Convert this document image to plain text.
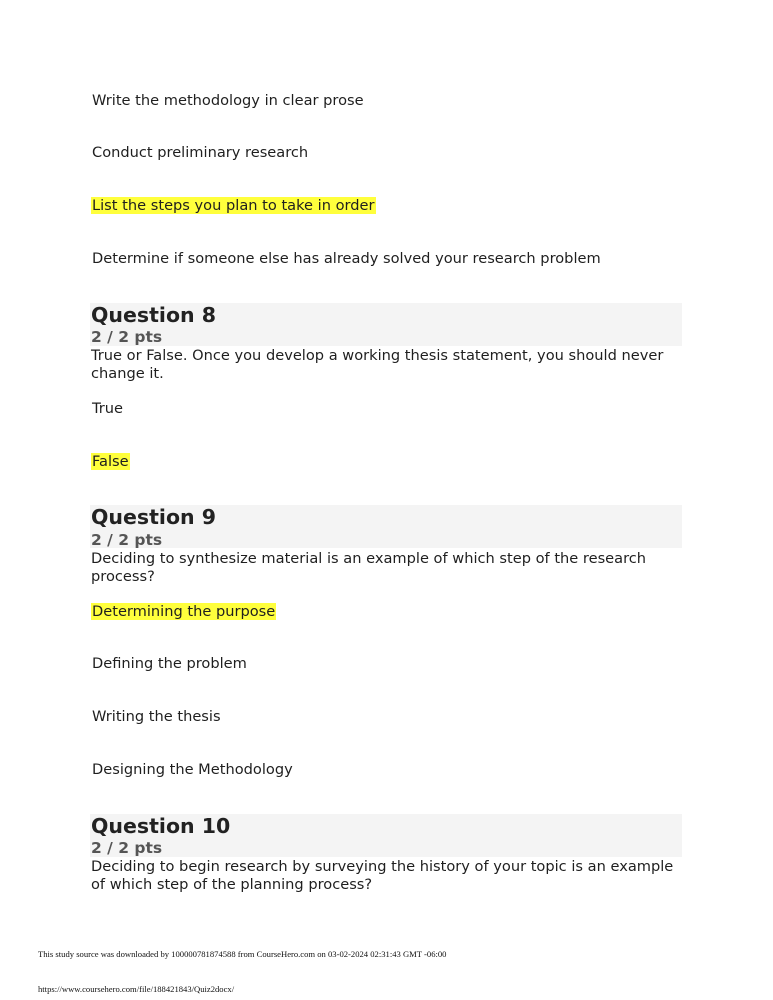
Write the methodology in clear prose
Conduct preliminary research
List the steps you plan to take in order
Determine if someone else has already solved your research problem
Question 8
2 / 2 pts
True or False. Once you develop a working thesis statement, you should never change it.
True
False
Question 9
2 / 2 pts
Deciding to synthesize material is an example of which step of the research process?
Determining the purpose
Defining the problem
Writing the thesis
Designing the Methodology
Question 10
2 / 2 pts
Deciding to begin research by surveying the history of your topic is an example of which step of the planning process?
This study source was downloaded by 100000781874588 from CourseHero.com on 03-02-2024 02:31:43 GMT -06:00
https://www.coursehero.com/file/188421843/Quiz2docx/
